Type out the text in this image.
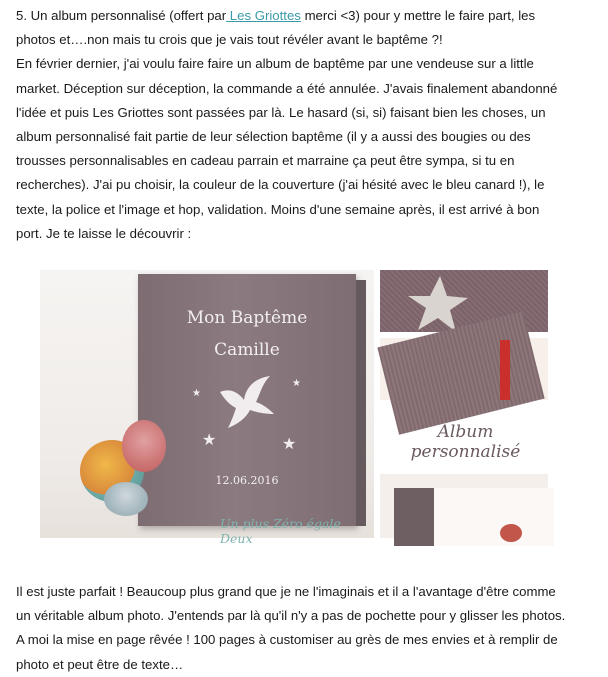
5. Un album personnalisé (offert par Les Griottes merci <3) pour y mettre le faire part, les
photos et….non mais tu crois que je vais tout révéler avant le baptême ?!
En février dernier, j'ai voulu faire faire un album de baptême par une vendeuse sur a little
market. Déception sur déception, la commande a été annulée. J'avais finalement abandonné
l'idée et puis Les Griottes sont passées par là. Le hasard (si, si) faisant bien les choses, un
album personnalisé fait partie de leur sélection baptême (il y a aussi des bougies ou des
trousses personnalisables en cadeau parrain et marraine ça peut être sympa, si tu en
recherches). J'ai pu choisir, la couleur de la couverture (j'ai hésité avec le bleu canard !), le
texte, la police et l'image et hop, validation. Moins d'une semaine après, il est arrivé à bon
port. Je te laisse le découvrir :
Mon Baptême
Camille
★
★
★	★
12.06.2016
Un plus Zéro égale Deux
Album personnalisé
Il est juste parfait ! Beaucoup plus grand que je ne l'imaginais et il a l'avantage d'être comme
un véritable album photo. J'entends par là qu'il n'y a pas de pochette pour y glisser les photos.
A moi la mise en page rêvée ! 100 pages à customiser au grès de mes envies et à remplir de
photo et peut être de texte…
